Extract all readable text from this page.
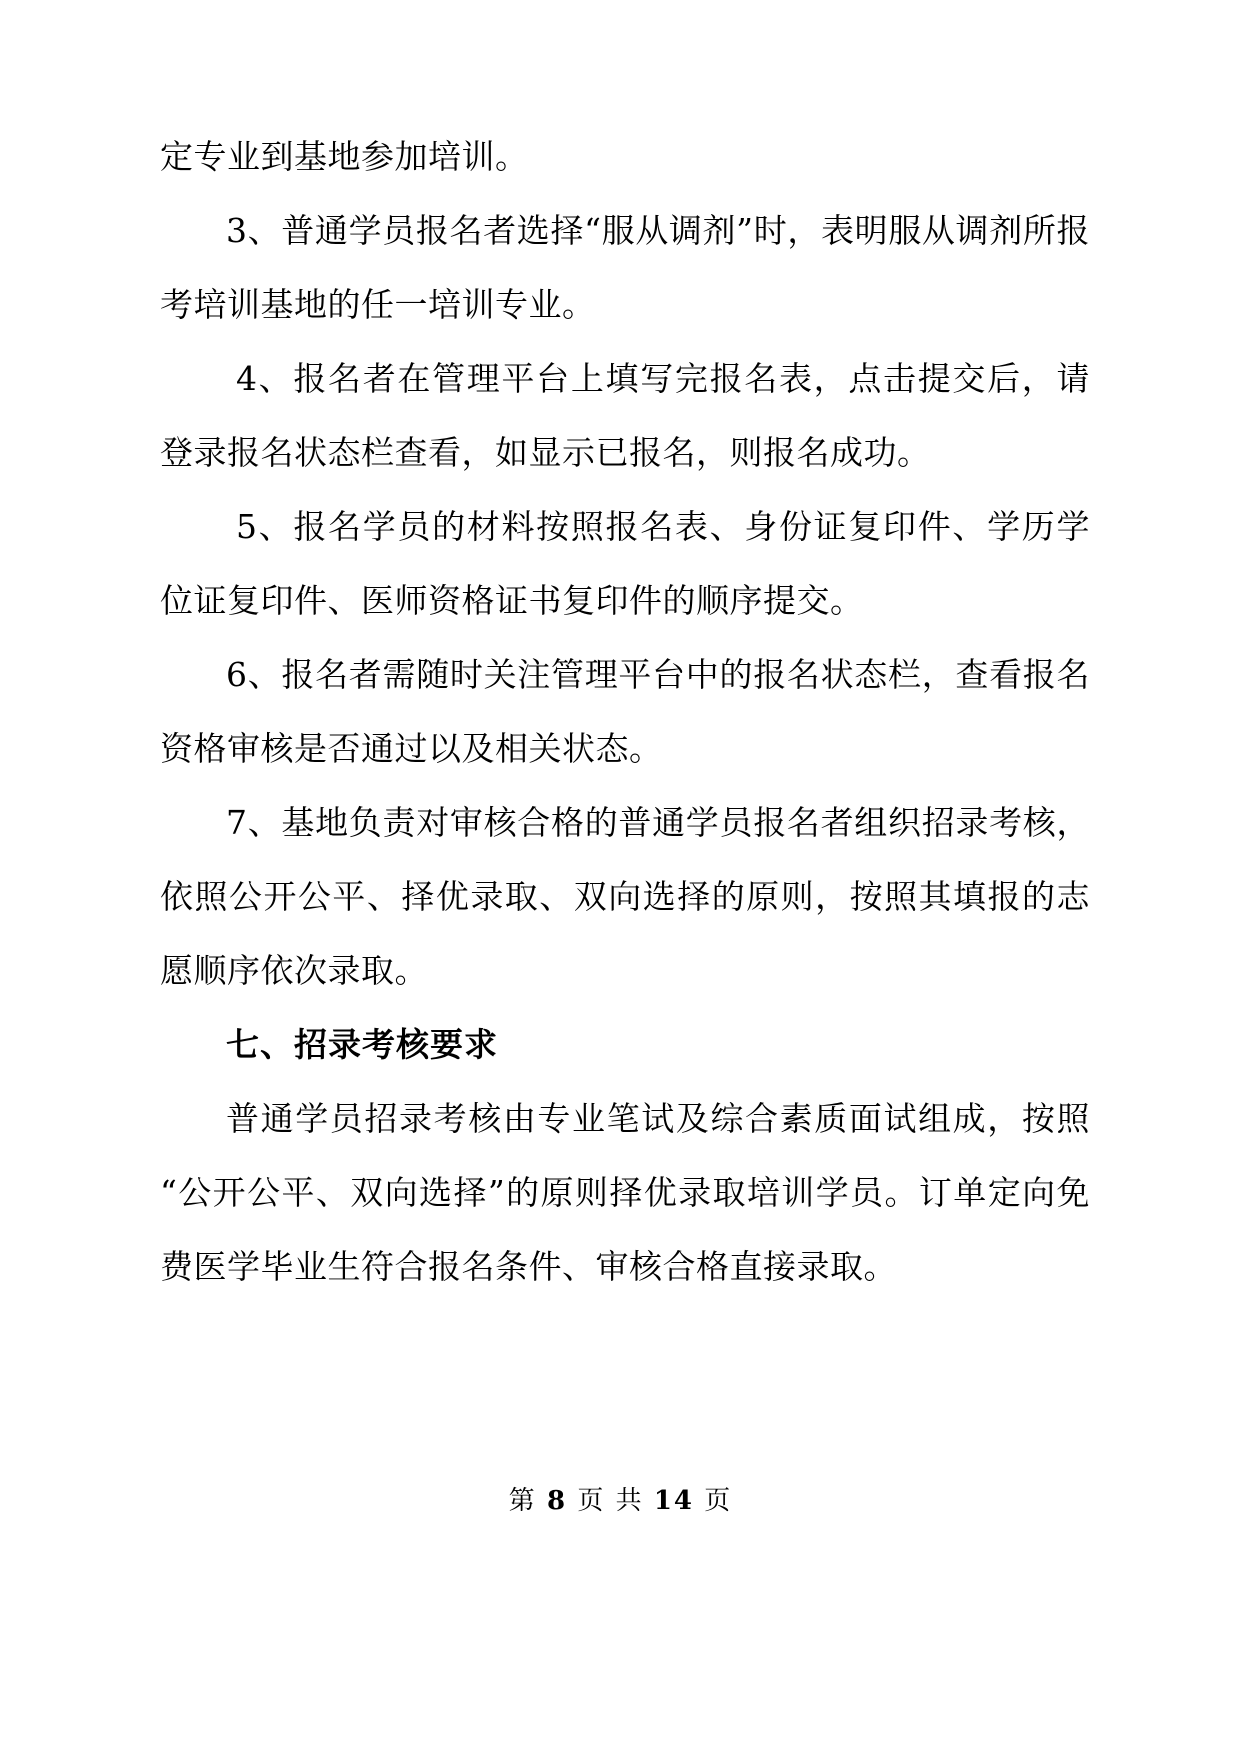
定专业到基地参加培训。

3、普通学员报名者选择“服从调剂”时，表明服从调剂所报考培训基地的任一培训专业。

4、报名者在管理平台上填写完报名表，点击提交后，请登录报名状态栏查看，如显示已报名，则报名成功。

5、报名学员的材料按照报名表、身份证复印件、学历学位证复印件、医师资格证书复印件的顺序提交。

6、报名者需随时关注管理平台中的报名状态栏，查看报名资格审核是否通过以及相关状态。

7、基地负责对审核合格的普通学员报名者组织招录考核，依照公开公平、择优录取、双向选择的原则，按照其填报的志愿顺序依次录取。

七、招录考核要求

普通学员招录考核由专业笔试及综合素质面试组成，按照“公开公平、双向选择”的原则择优录取培训学员。订单定向免费医学毕业生符合报名条件、审核合格直接录取。

第 8 页 共 14 页
